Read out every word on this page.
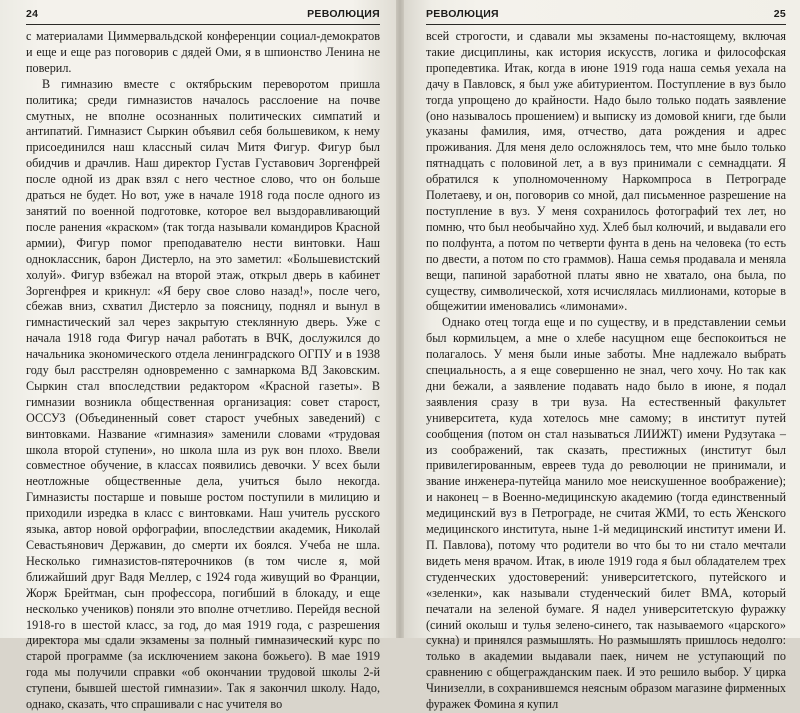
24	РЕВОЛЮЦИЯ

с материалами Циммервальдской конференции социал-демократов и еще и еще раз поговорив с дядей Оми, я в шпионство Ленина не поверил.

В гимназию вместе с октябрьским переворотом пришла политика; среди гимназистов началось расслоение на почве смутных, не вполне осознанных политических симпатий и антипатий. Гимназист Сыркин объявил себя большевиком, к нему присоединился наш классный силач Митя Фигур. Фигур был обидчив и драчлив. Наш директор Густав Густавович Зоргенфрей после одной из драк взял с него честное слово, что он больше драться не будет. Но вот, уже в начале 1918 года после одного из занятий по военной подготовке, которое вел выздоравливающий после ранения «краском» (так тогда называли командиров Красной армии), Фигур помог преподавателю нести винтовки. Наш одноклассник, барон Дистерло, на это заметил: «Большевистский холуй». Фигур взбежал на второй этаж, открыл дверь в кабинет Зоргенфрея и крикнул: «Я беру свое слово назад!», после чего, сбежав вниз, схватил Дистерло за поясницу, поднял и вынул в гимнастический зал через закрытую стеклянную дверь. Уже с начала 1918 года Фигур начал работать в ВЧК, дослужился до начальника экономического отдела ленинградского ОГПУ и в 1938 году был расстрелян одновременно с замнаркома ВД Заковским. Сыркин стал впоследствии редактором «Красной газеты». В гимназии возникла общественная организация: совет старост, ОССУЗ (Объединенный совет старост учебных заведений) с винтовками. Название «гимназия» заменили словами «трудовая школа второй ступени», но школа шла из рук вон плохо. Ввели совместное обучение, в классах появились девочки. У всех были неотложные общественные дела, учиться было некогда. Гимназисты постарше и повыше ростом поступили в милицию и приходили изредка в класс с винтовками. Наш учитель русского языка, автор новой орфографии, впоследствии академик, Николай Севастьянович Державин, до смерти их боялся. Учеба не шла. Несколько гимназистов-пятерочников (в том числе я, мой ближайший друг Вадя Меллер, с 1924 года живущий во Франции, Жорж Брейтман, сын профессора, погибший в блокаду, и еще несколько учеников) поняли это вполне отчетливо. Перейдя весной 1918-го в шестой класс, за год, до мая 1919 года, с разрешения директора мы сдали экзамены за полный гимназический курс по старой программе (за исключением закона божьего). В мае 1919 года мы получили справки «об окончании трудовой школы 2-й ступени, бывшей шестой гимназии». Так я закончил школу. Надо, однако, сказать, что спрашивали с нас учителя во

РЕВОЛЮЦИЯ	25

всей строгости, и сдавали мы экзамены по-настоящему, включая такие дисциплины, как история искусств, логика и философская пропедевтика. Итак, когда в июне 1919 года наша семья уехала на дачу в Павловск, я был уже абитуриентом. Поступление в вуз было тогда упрощено до крайности. Надо было только подать заявление (оно называлось прошением) и выписку из домовой книги, где были указаны фамилия, имя, отчество, дата рождения и адрес проживания. Для меня дело осложнялось тем, что мне было только пятнадцать с половиной лет, а в вуз принимали с семнадцати. Я обратился к уполномоченному Наркомпроса в Петрограде Полетаеву, и он, поговорив со мной, дал письменное разрешение на поступление в вуз. У меня сохранилось фотографий тех лет, но помню, что был необычайно худ. Хлеб был колючий, и выдавали его по полфунта, а потом по четверти фунта в день на человека (то есть по двести, а потом по сто граммов). Наша семья продавала и меняла вещи, папиной заработной платы явно не хватало, она была, по существу, символической, хотя исчислялась миллионами, которые в общежитии именовались «лимонами».

Однако отец тогда еще и по существу, и в представлении семьи был кормильцем, а мне о хлебе насущном еще беспокоиться не полагалось. У меня были иные заботы. Мне надлежало выбрать специальность, а я еще совершенно не знал, чего хочу. Но так как дни бежали, а заявление подавать надо было в июне, я подал заявления сразу в три вуза. На естественный факультет университета, куда хотелось мне самому; в институт путей сообщения (потом он стал называться ЛИИЖТ) имени Рудзутака – из соображений, так сказать, престижных (институт был привилегированным, евреев туда до революции не принимали, и звание инженера-путейца манило мое неискушенное воображение); и наконец – в Военно-медицинскую академию (тогда единственный медицинский вуз в Петрограде, не считая ЖМИ, то есть Женского медицинского института, ныне 1-й медицинский институт имени И. П. Павлова), потому что родители во что бы то ни стало мечтали видеть меня врачом. Итак, в июле 1919 года я был обладателем трех студенческих удостоверений: университетского, путейского и «зеленки», как называли студенческий билет ВМА, который печатали на зеленой бумаге. Я надел университетскую фуражку (синий околыш и тулья зелено-синего, так называемого «царского» сукна) и принялся размышлять. Но размышлять пришлось недолго: только в академии выдавали паек, ничем не уступающий по сравнению с общегражданским паек. И это решило выбор. У цирка Чинизелли, в сохранившемся неясным образом магазине фирменных фуражек Фомина я купил
